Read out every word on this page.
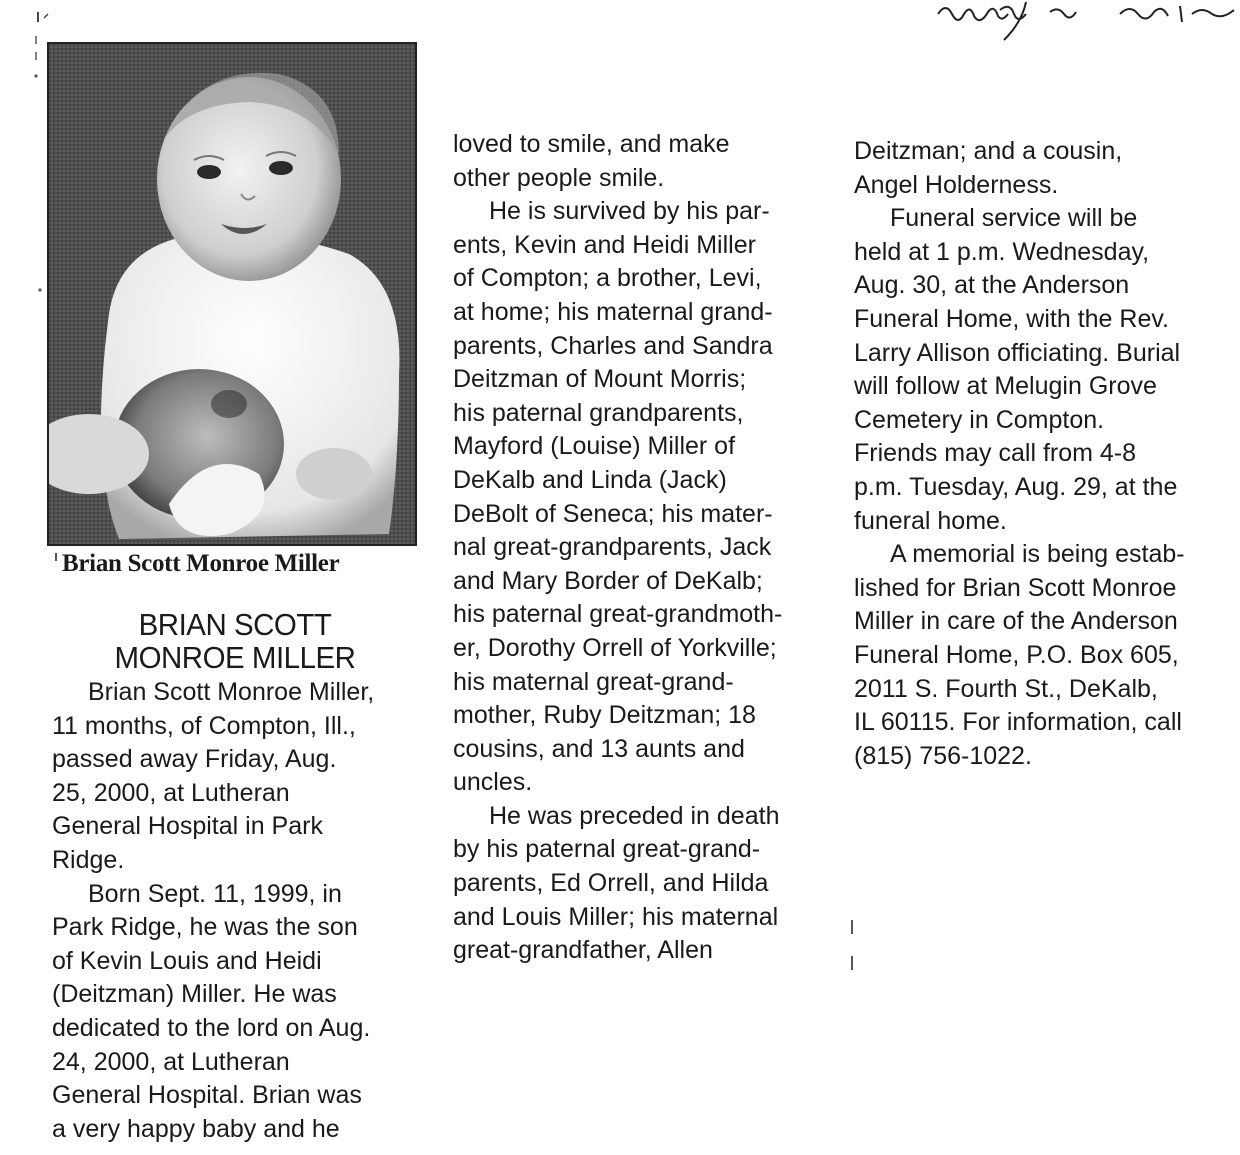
Brian Scott Monroe Miller
BRIAN SCOTT
MONROE MILLER
Brian Scott Monroe Miller,
11 months, of Compton, Ill.,
passed away Friday, Aug.
25, 2000, at Lutheran
General Hospital in Park
Ridge.
Born Sept. 11, 1999, in
Park Ridge, he was the son
of Kevin Louis and Heidi
(Deitzman) Miller. He was
dedicated to the lord on Aug.
24, 2000, at Lutheran
General Hospital. Brian was
a very happy baby and he
loved to smile, and make
other people smile.
He is survived by his par-
ents, Kevin and Heidi Miller
of Compton; a brother, Levi,
at home; his maternal grand-
parents, Charles and Sandra
Deitzman of Mount Morris;
his paternal grandparents,
Mayford (Louise) Miller of
DeKalb and Linda (Jack)
DeBolt of Seneca; his mater-
nal great-grandparents, Jack
and Mary Border of DeKalb;
his paternal great-grandmoth-
er, Dorothy Orrell of Yorkville;
his maternal great-grand-
mother, Ruby Deitzman; 18
cousins, and 13 aunts and
uncles.
He was preceded in death
by his paternal great-grand-
parents, Ed Orrell, and Hilda
and Louis Miller; his maternal
great-grandfather, Allen
Deitzman; and a cousin,
Angel Holderness.
Funeral service will be
held at 1 p.m. Wednesday,
Aug. 30, at the Anderson
Funeral Home, with the Rev.
Larry Allison officiating. Burial
will follow at Melugin Grove
Cemetery in Compton.
Friends may call from 4-8
p.m. Tuesday, Aug. 29, at the
funeral home.
A memorial is being estab-
lished for Brian Scott Monroe
Miller in care of the Anderson
Funeral Home, P.O. Box 605,
2011 S. Fourth St., DeKalb,
IL 60115. For information, call
(815) 756-1022.
